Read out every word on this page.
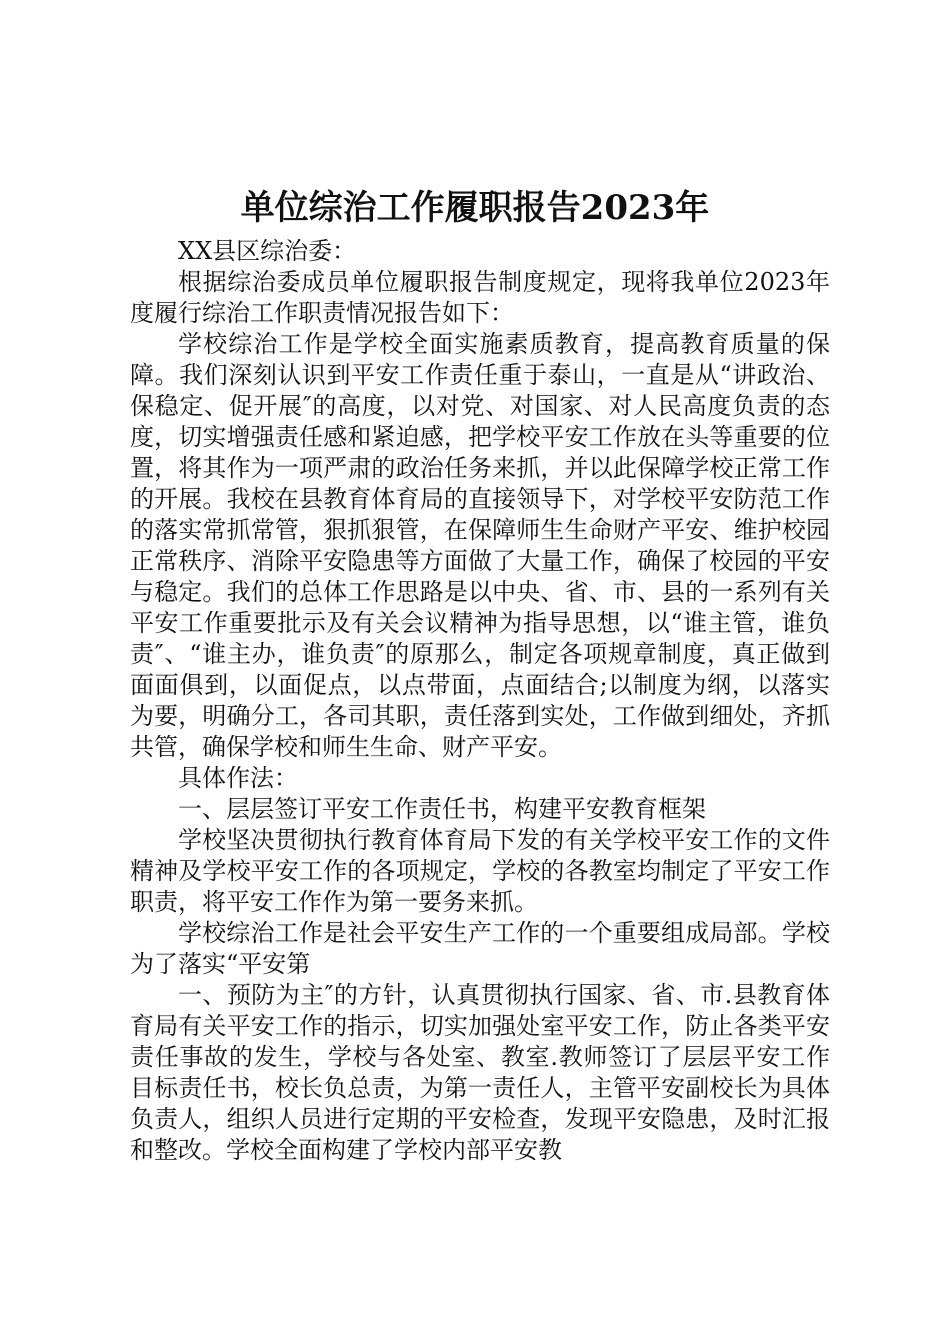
单位综治工作履职报告2023年

XX县区综治委：

根据综治委成员单位履职报告制度规定，现将我单位2023年度履行综治工作职责情况报告如下：

学校综治工作是学校全面实施素质教育，提高教育质量的保障。我们深刻认识到平安工作责任重于泰山，一直是从“讲政治、保稳定、促开展″的高度，以对党、对国家、对人民高度负责的态度，切实增强责任感和紧迫感，把学校平安工作放在头等重要的位置，将其作为一项严肃的政治任务来抓，并以此保障学校正常工作的开展。我校在县教育体育局的直接领导下，对学校平安防范工作的落实常抓常管，狠抓狠管，在保障师生生命财产平安、维护校园正常秩序、消除平安隐患等方面做了大量工作，确保了校园的平安与稳定。我们的总体工作思路是以中央、省、市、县的一系列有关平安工作重要批示及有关会议精神为指导思想，以“谁主管，谁负责″、“谁主办，谁负责″的原那么，制定各项规章制度，真正做到面面俱到，以面促点，以点带面，点面结合;以制度为纲，以落实为要，明确分工，各司其职，责任落到实处，工作做到细处，齐抓共管，确保学校和师生生命、财产平安。

具体作法：

一、层层签订平安工作责任书，构建平安教育框架

学校坚决贯彻执行教育体育局下发的有关学校平安工作的文件精神及学校平安工作的各项规定，学校的各教室均制定了平安工作职责，将平安工作作为第一要务来抓。

学校综治工作是社会平安生产工作的一个重要组成局部。学校为了落实“平安第

一、预防为主″的方针，认真贯彻执行国家、省、市.县教育体育局有关平安工作的指示，切实加强处室平安工作，防止各类平安责任事故的发生，学校与各处室、教室.教师签订了层层平安工作目标责任书，校长负总责，为第一责任人，主管平安副校长为具体负责人，组织人员进行定期的平安检查，发现平安隐患，及时汇报和整改。学校全面构建了学校内部平安教
